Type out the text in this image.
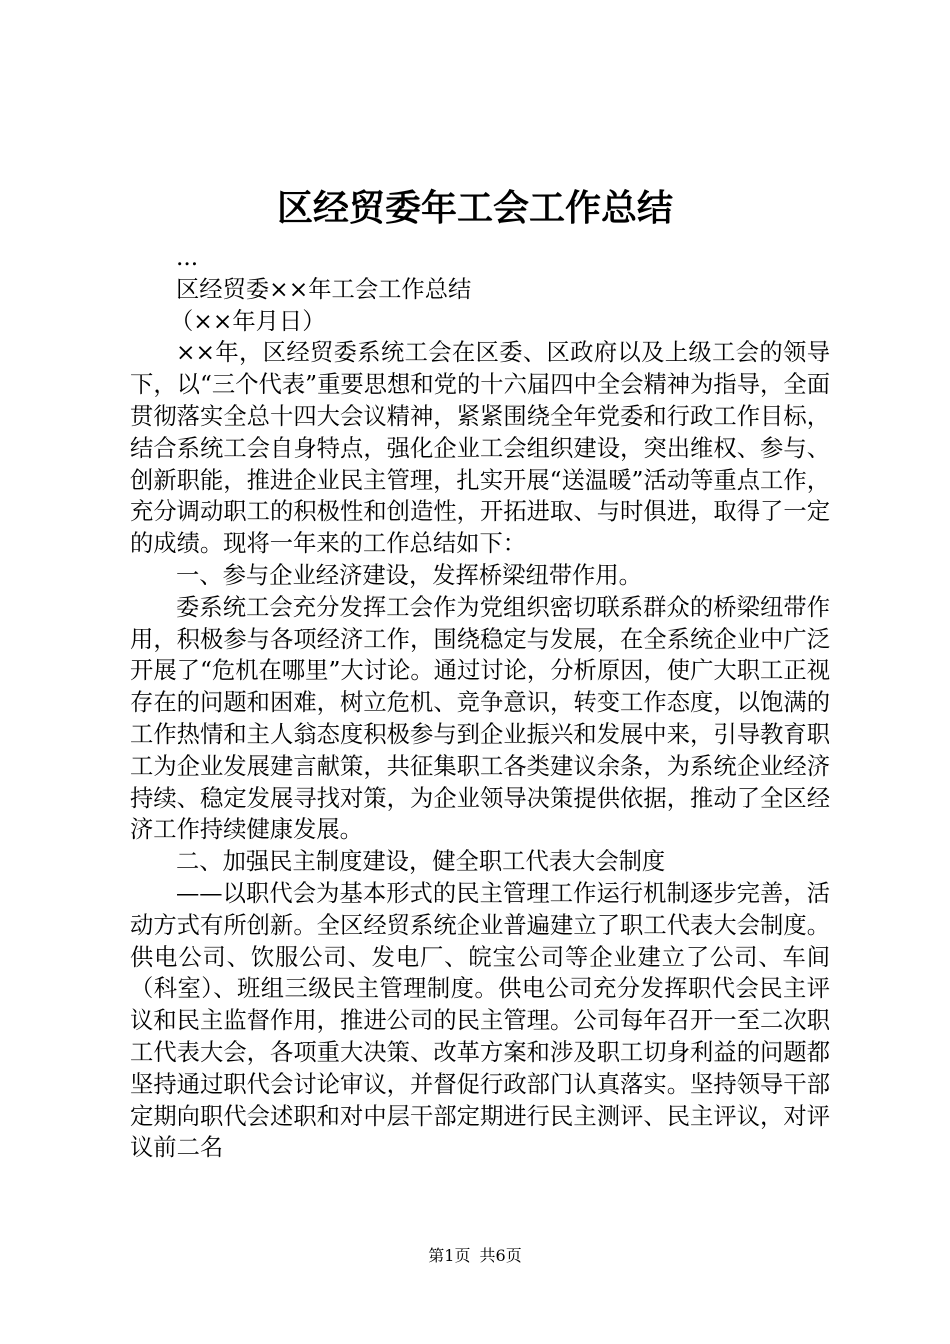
区经贸委年工会工作总结

...

区经贸委××年工会工作总结

（××年月日）

××年，区经贸委系统工会在区委、区政府以及上级工会的领导下，以“三个代表”重要思想和党的十六届四中全会精神为指导，全面贯彻落实全总十四大会议精神，紧紧围绕全年党委和行政工作目标，结合系统工会自身特点，强化企业工会组织建设，突出维权、参与、创新职能，推进企业民主管理，扎实开展“送温暖”活动等重点工作，充分调动职工的积极性和创造性，开拓进取、与时俱进，取得了一定的成绩。现将一年来的工作总结如下：

一、参与企业经济建设，发挥桥梁纽带作用。

委系统工会充分发挥工会作为党组织密切联系群众的桥梁纽带作用，积极参与各项经济工作，围绕稳定与发展，在全系统企业中广泛开展了“危机在哪里”大讨论。通过讨论，分析原因，使广大职工正视存在的问题和困难，树立危机、竞争意识，转变工作态度，以饱满的工作热情和主人翁态度积极参与到企业振兴和发展中来，引导教育职工为企业发展建言献策，共征集职工各类建议余条，为系统企业经济持续、稳定发展寻找对策，为企业领导决策提供依据，推动了全区经济工作持续健康发展。

二、加强民主制度建设，健全职工代表大会制度

——以职代会为基本形式的民主管理工作运行机制逐步完善，活动方式有所创新。全区经贸系统企业普遍建立了职工代表大会制度。供电公司、饮服公司、发电厂、皖宝公司等企业建立了公司、车间（科室）、班组三级民主管理制度。供电公司充分发挥职代会民主评议和民主监督作用，推进公司的民主管理。公司每年召开一至二次职工代表大会，各项重大决策、改革方案和涉及职工切身利益的问题都坚持通过职代会讨论审议，并督促行政部门认真落实。坚持领导干部定期向职代会述职和对中层干部定期进行民主测评、民主评议，对评议前二名

第1页 共6页
